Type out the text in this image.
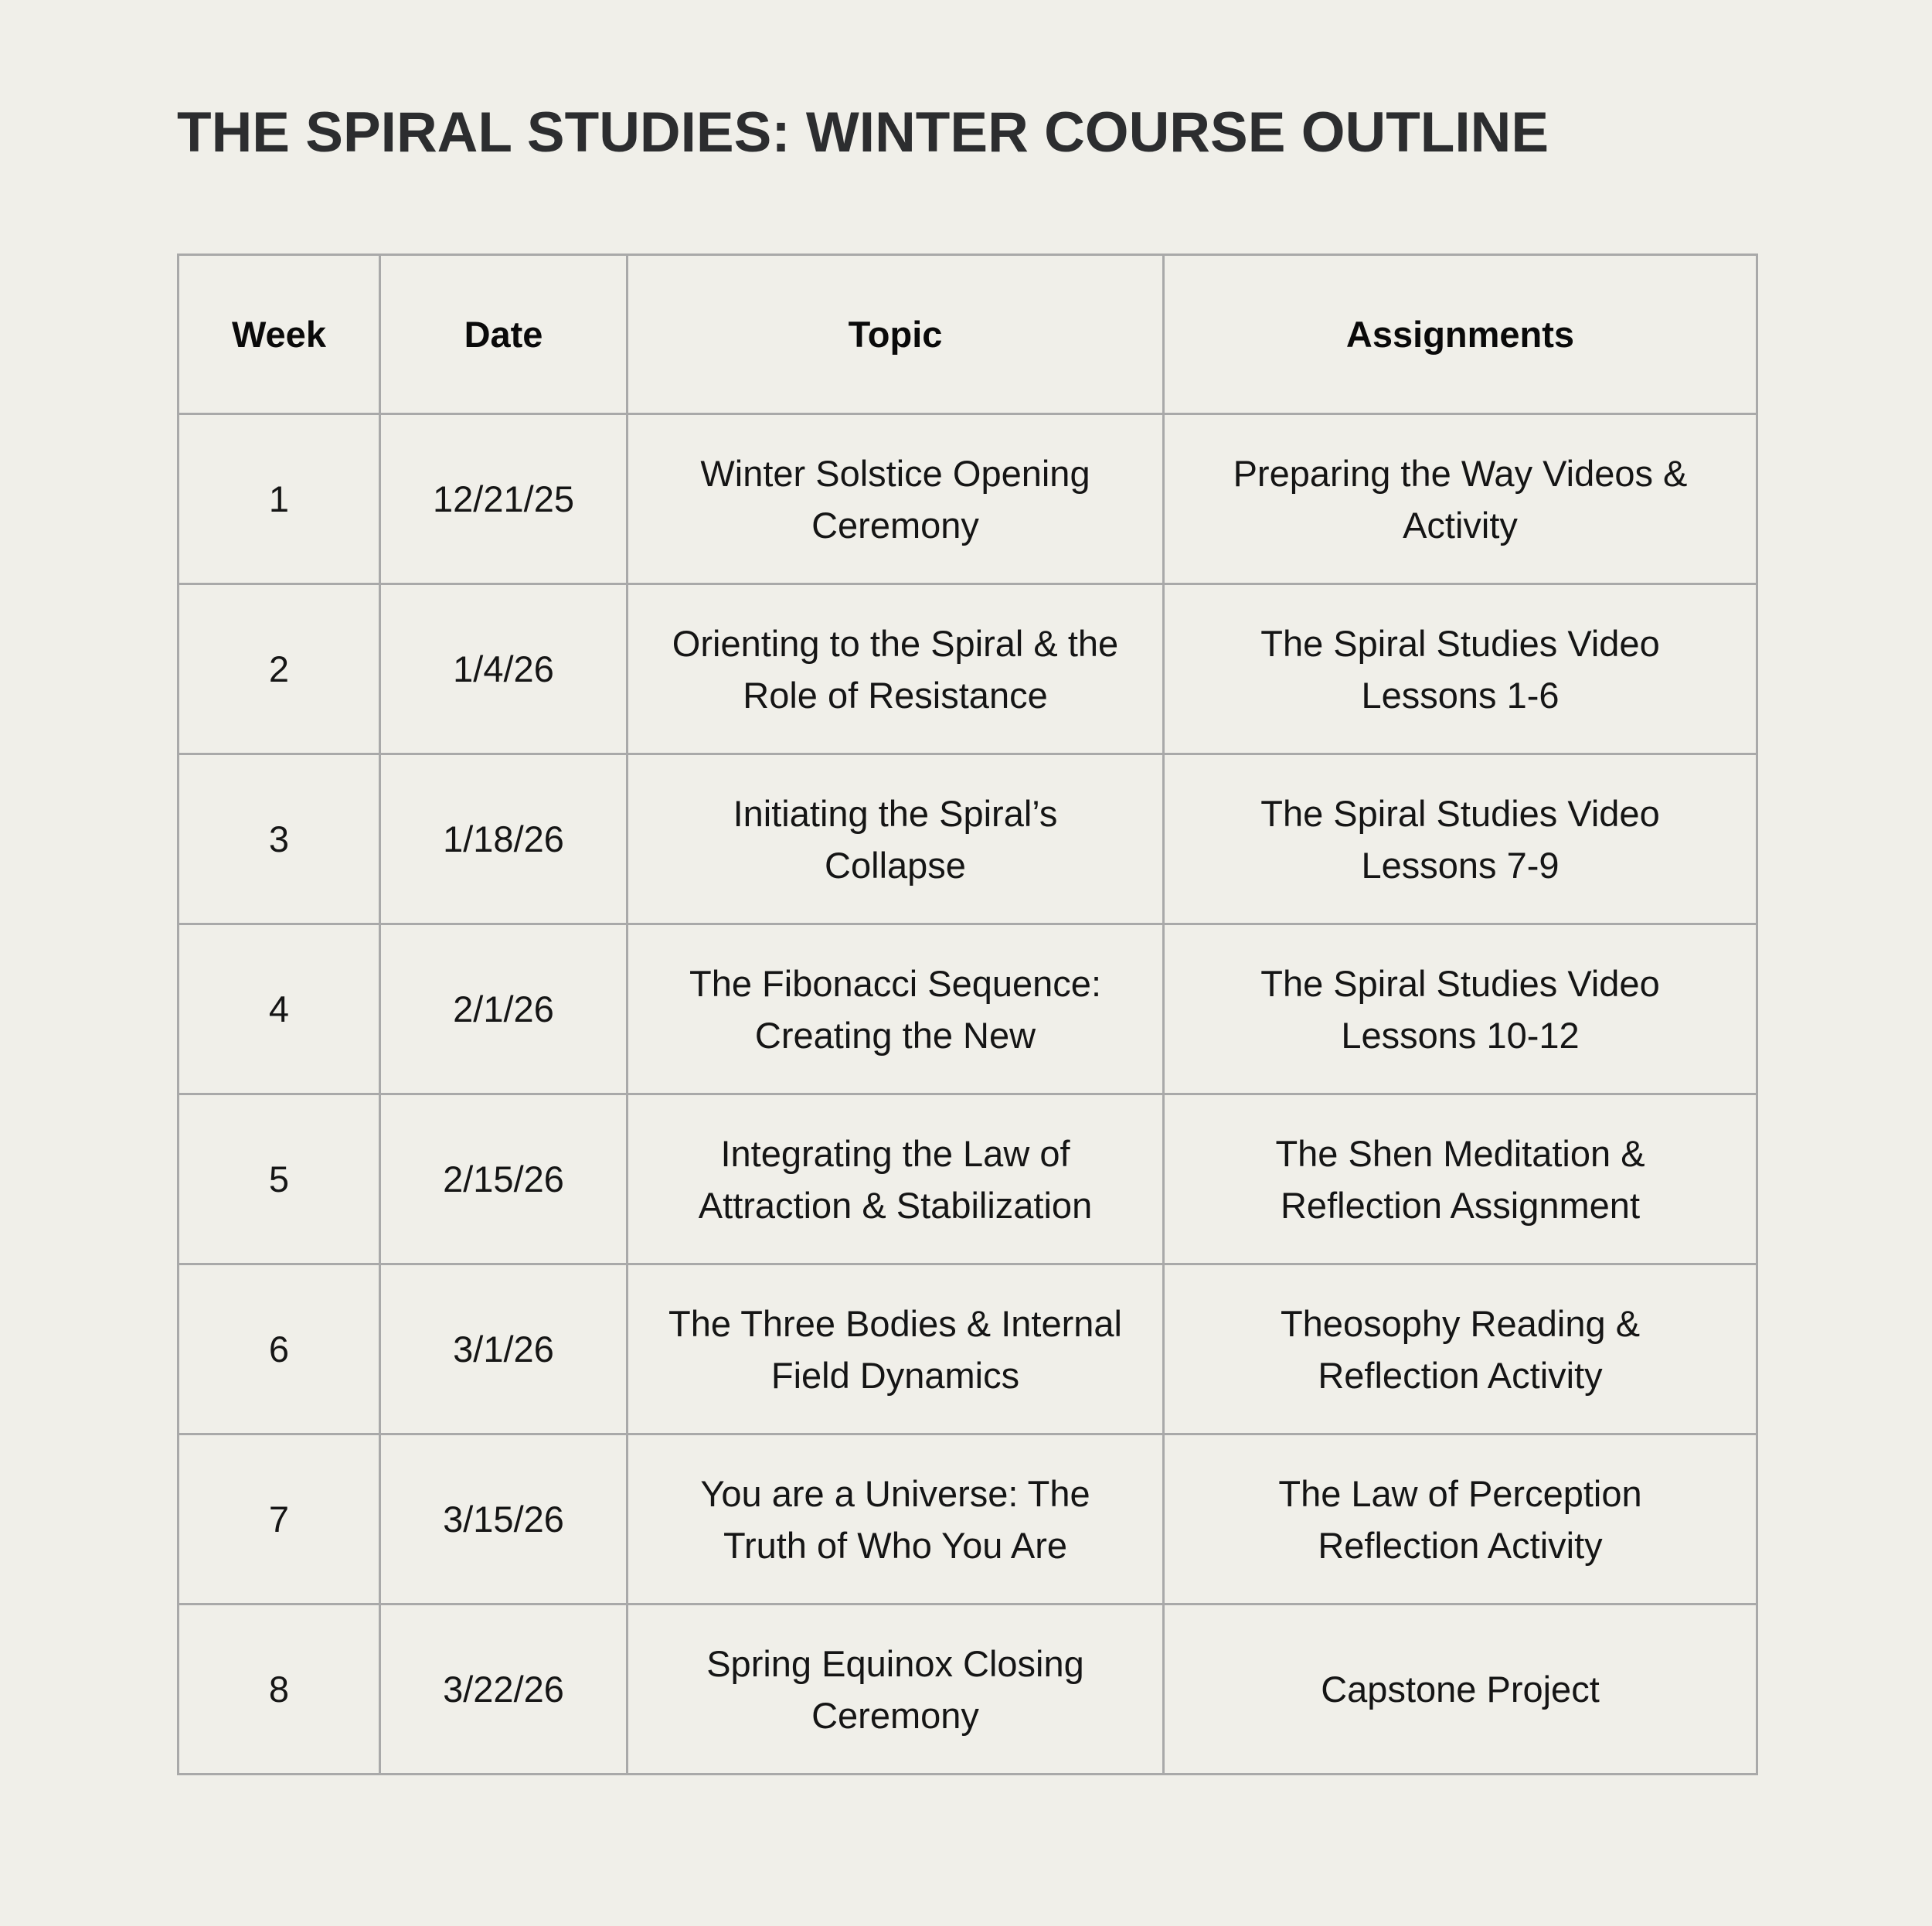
THE SPIRAL STUDIES: WINTER COURSE OUTLINE
Week	Date	Topic	Assignments
1	12/21/25	Winter Solstice Opening Ceremony	Preparing the Way Videos & Activity
2	1/4/26	Orienting to the Spiral & the Role of Resistance	The Spiral Studies Video Lessons 1-6
3	1/18/26	Initiating the Spiral’s Collapse	The Spiral Studies Video Lessons 7-9
4	2/1/26	The Fibonacci Sequence: Creating the New	The Spiral Studies Video Lessons 10-12
5	2/15/26	Integrating the Law of Attraction & Stabilization	The Shen Meditation & Reflection Assignment
6	3/1/26	The Three Bodies & Internal Field Dynamics	Theosophy Reading & Reflection Activity
7	3/15/26	You are a Universe: The Truth of Who You Are	The Law of Perception Reflection Activity
8	3/22/26	Spring Equinox Closing Ceremony	Capstone Project
